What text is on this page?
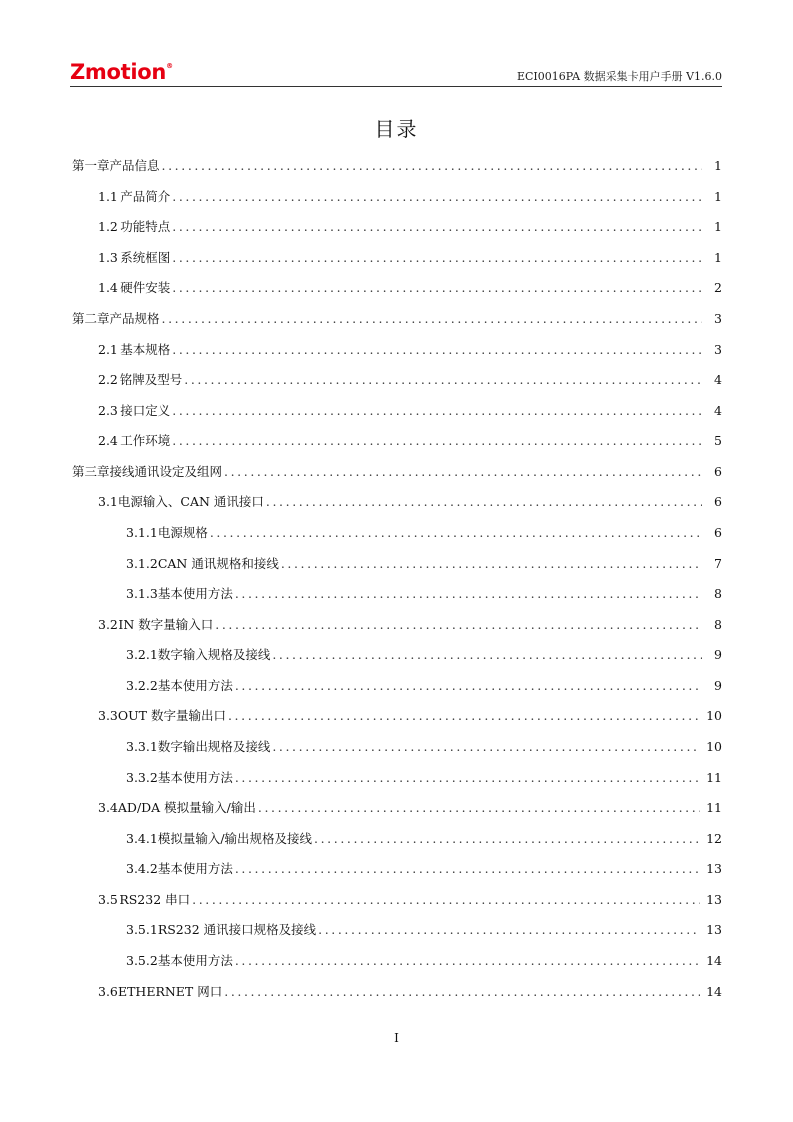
Zmotion®
ECI0016PA 数据采集卡用户手册 V1.6.0
目录
第一章 产品信息 .....	1
1.1 产品简介 .....	1
1.2 功能特点 .....	1
1.3 系统框图 .....	1
1.4 硬件安装 .....	2
第二章 产品规格 .....	3
2.1 基本规格 .....	3
2.2 铭牌及型号 .....	4
2.3 接口定义 .....	4
2.4 工作环境 .....	5
第三章 接线通讯设定及组网 .....	6
3.1 电源输入、CAN 通讯接口 .....	6
3.1.1 电源规格 .....	6
3.1.2 CAN 通讯规格和接线 .....	7
3.1.3 基本使用方法 .....	8
3.2 IN 数字量输入口 .....	8
3.2.1 数字输入规格及接线 .....	9
3.2.2 基本使用方法 .....	9
3.3 OUT 数字量输出口 .....	10
3.3.1 数字输出规格及接线 .....	10
3.3.2 基本使用方法 .....	11
3.4 AD/DA 模拟量输入/输出 .....	11
3.4.1 模拟量输入/输出规格及接线 .....	12
3.4.2 基本使用方法 .....	13
3.5 RS232 串口 .....	13
3.5.1 RS232 通讯接口规格及接线 .....	13
3.5.2 基本使用方法 .....	14
3.6 ETHERNET 网口 .....	14
I
